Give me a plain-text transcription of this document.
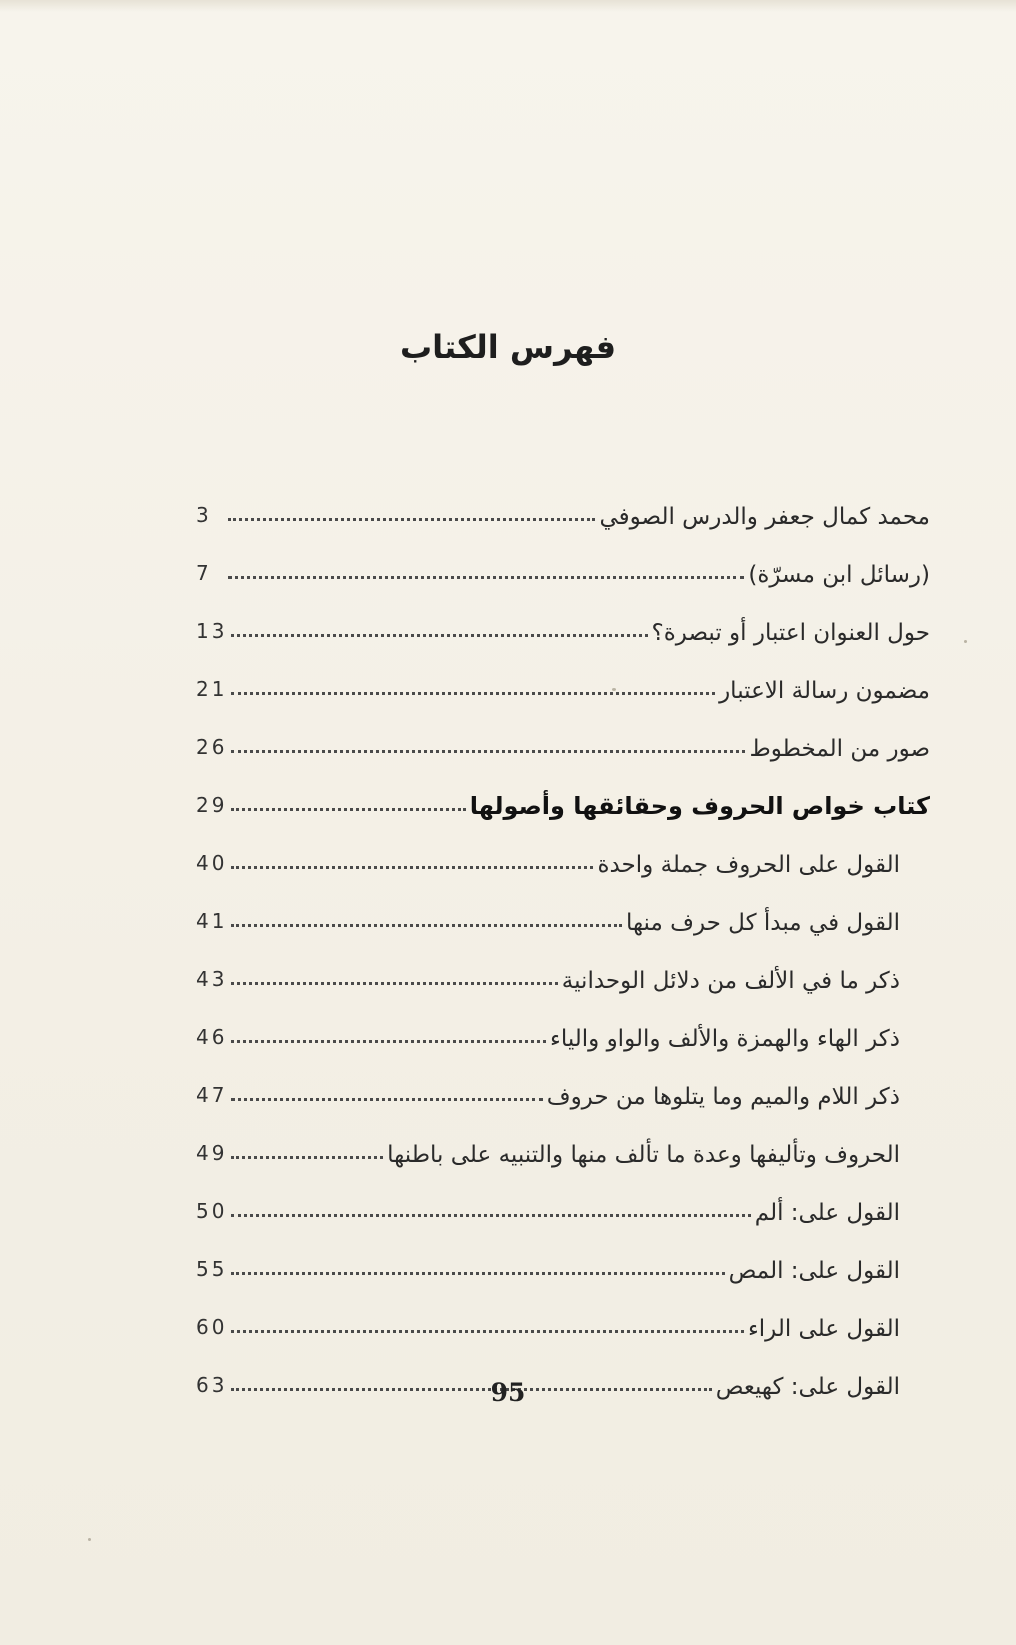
فهرس الكتاب
3	محمد كمال جعفر والدرس الصوفي
7	(رسائل ابن مسرّة)
13	حول العنوان اعتبار أو تبصرة؟
21	مضمون رسالة الاعتبار
26	صور من المخطوط
29	كتاب خواص الحروف وحقائقها وأصولها
40	القول على الحروف جملة واحدة
41	القول في مبدأ كل حرف منها
43	ذكر ما في الألف من دلائل الوحدانية
46	ذكر الهاء والهمزة والألف والواو والياء
47	ذكر اللام والميم وما يتلوها من حروف
49	الحروف وتأليفها وعدة ما تألف منها والتنبيه على باطنها
50	القول على: ألم
55	القول على: المص
60	القول على الراء
63	القول على: كهيعص
95
